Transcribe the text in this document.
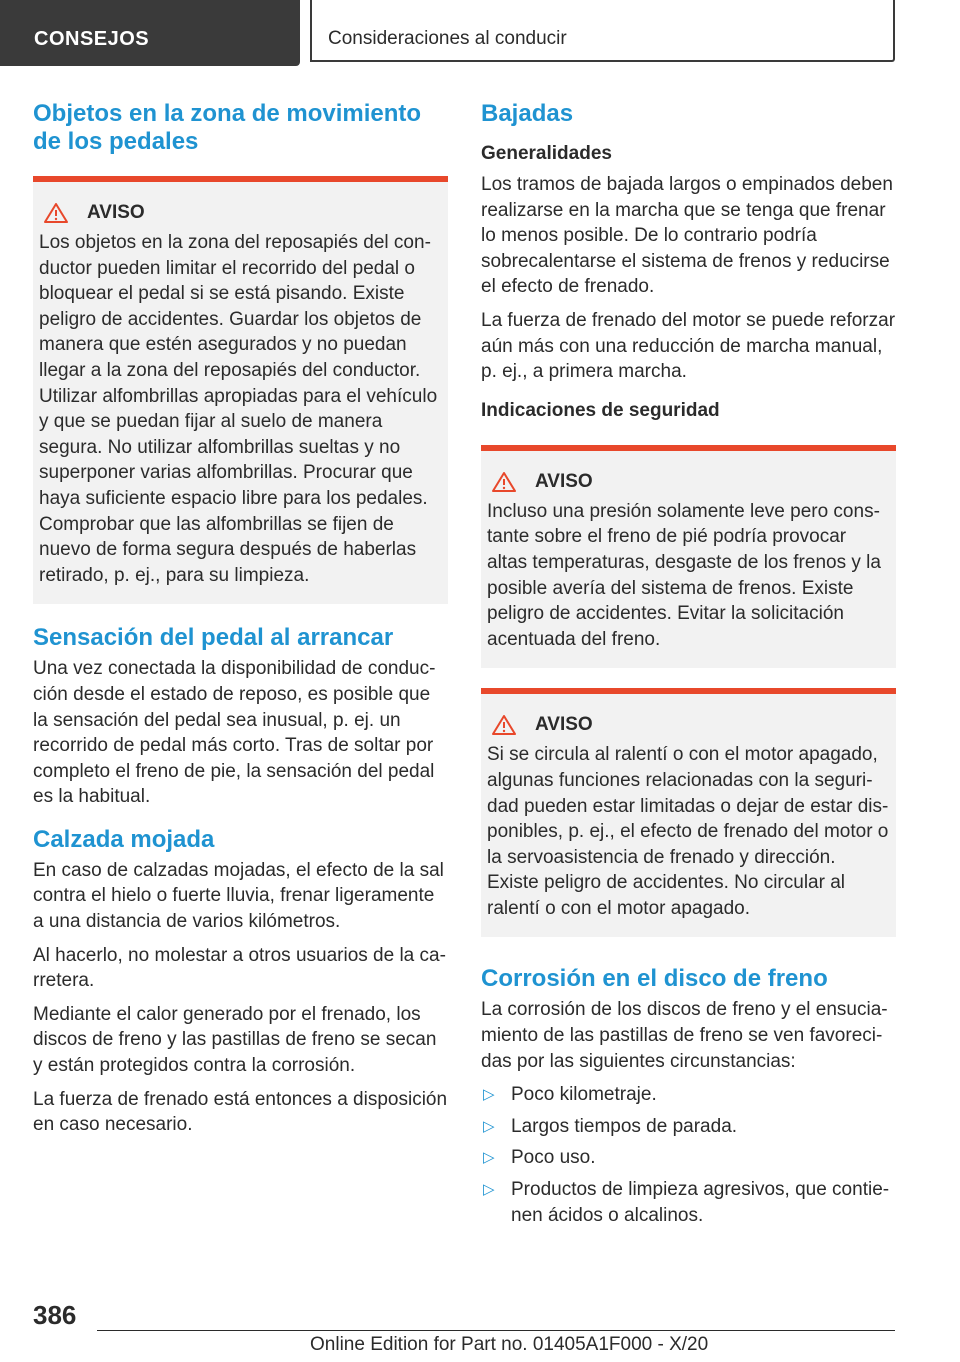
CONSEJOS	Consideraciones al conducir
Objetos en la zona de movimiento de los pedales
AVISO

Los objetos en la zona del reposapiés del conductor pueden limitar el recorrido del pedal o bloquear el pedal si se está pisando. Existe peligro de accidentes. Guardar los objetos de manera que estén asegurados y no puedan llegar a la zona del reposapiés del conductor. Utilizar alfombrillas apropiadas para el vehículo y que se puedan fijar al suelo de manera segura. No utilizar alfombrillas sueltas y no superponer varias alfombrillas. Procurar que haya suficiente espacio libre para los pedales. Comprobar que las alfombrillas se fijen de nuevo de forma segura después de haberlas retirado, p. ej., para su limpieza.

Sensación del pedal al arrancar

Una vez conectada la disponibilidad de conducción desde el estado de reposo, es posible que la sensación del pedal sea inusual, p. ej. un recorrido de pedal más corto. Tras de soltar por completo el freno de pie, la sensación del pedal es la habitual.

Calzada mojada

En caso de calzadas mojadas, el efecto de la sal contra el hielo o fuerte lluvia, frenar ligeramente a una distancia de varios kilómetros.

Al hacerlo, no molestar a otros usuarios de la carretera.

Mediante el calor generado por el frenado, los discos de freno y las pastillas de freno se secan y están protegidos contra la corrosión.

La fuerza de frenado está entonces a disposición en caso necesario.

Bajadas
Generalidades

Los tramos de bajada largos o empinados deben realizarse en la marcha que se tenga que frenar lo menos posible. De lo contrario podría sobrecalentarse el sistema de frenos y reducirse el efecto de frenado.

La fuerza de frenado del motor se puede reforzar aún más con una reducción de marcha manual, p. ej., a primera marcha.

Indicaciones de seguridad
AVISO

Incluso una presión solamente leve pero constante sobre el freno de pié podría provocar altas temperaturas, desgaste de los frenos y la posible avería del sistema de frenos. Existe peligro de accidentes. Evitar la solicitación acentuada del freno.

AVISO

Si se circula al ralentí o con el motor apagado, algunas funciones relacionadas con la seguridad pueden estar limitadas o dejar de estar disponibles, p. ej., el efecto de frenado del motor o la servoasistencia de frenado y dirección. Existe peligro de accidentes. No circular al ralentí o con el motor apagado.

Corrosión en el disco de freno

La corrosión de los discos de freno y el ensuciamiento de las pastillas de freno se ven favorecidas por las siguientes circunstancias:

▷ Poco kilometraje.
▷ Largos tiempos de parada.
▷ Poco uso.
▷ Productos de limpieza agresivos, que contienen ácidos o alcalinos.
386
Online Edition for Part no. 01405A1F000 - X/20
